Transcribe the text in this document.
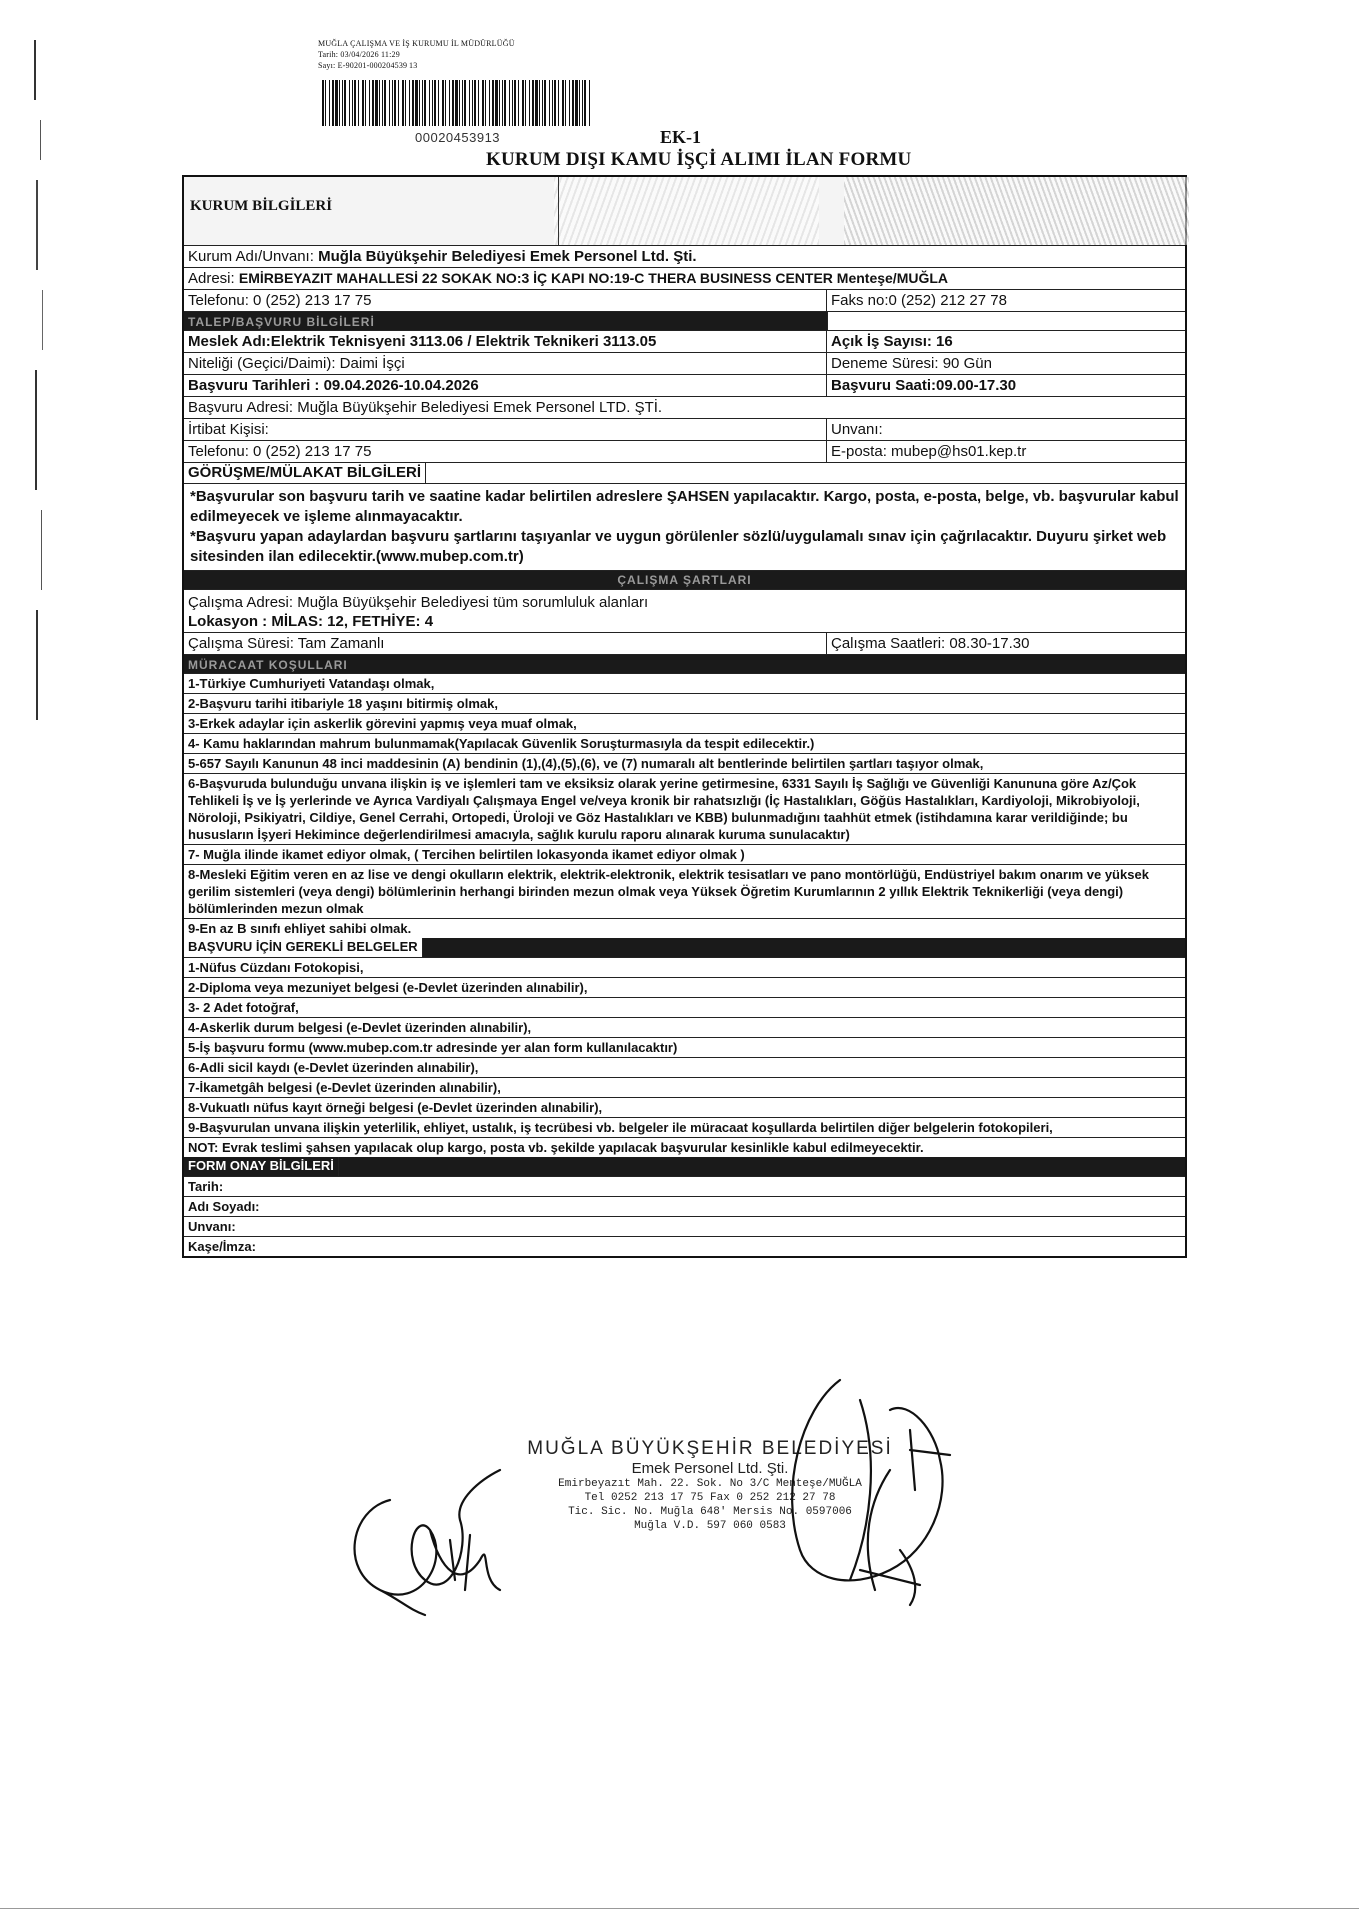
MUĞLA ÇALIŞMA VE İŞ KURUMU İL MÜDÜRLÜĞÜ
Tarih: 03/04/2026 11:29
Sayı: E-90201-000204539 13
00020453913	EK-1
KURUM DIŞI KAMU İŞÇİ ALIMI İLAN FORMU
KURUM BİLGİLERİ
Kurum Adı/Unvanı: Muğla Büyükşehir Belediyesi Emek Personel Ltd. Şti.
Adresi: EMİRBEYAZIT MAHALLESİ 22 SOKAK NO:3 İÇ KAPI NO:19-C THERA BUSINESS CENTER Menteşe/MUĞLA
Telefonu: 0 (252) 213 17 75	Faks no:0 (252) 212 27 78
TALEP/BAŞVURU BİLGİLERİ
Meslek Adı:Elektrik Teknisyeni 3113.06 / Elektrik Teknikeri 3113.05	Açık İş Sayısı: 16
Niteliği (Geçici/Daimi): Daimi İşçi	Deneme Süresi: 90 Gün
Başvuru Tarihleri : 09.04.2026-10.04.2026	Başvuru Saati:09.00-17.30
Başvuru Adresi: Muğla Büyükşehir Belediyesi Emek Personel LTD. ŞTİ.
İrtibat Kişisi:	Unvanı:
Telefonu: 0 (252) 213 17 75	E-posta: mubep@hs01.kep.tr
GÖRÜŞME/MÜLAKAT BİLGİLERİ
*Başvurular son başvuru tarih ve saatine kadar belirtilen adreslere ŞAHSEN yapılacaktır. Kargo, posta, e-posta, belge, vb. başvurular kabul edilmeyecek ve işleme alınmayacaktır.
*Başvuru yapan adaylardan başvuru şartlarını taşıyanlar ve uygun görülenler sözlü/uygulamalı sınav için çağrılacaktır. Duyuru şirket web sitesinden ilan edilecektir.(www.mubep.com.tr)
ÇALIŞMA ŞARTLARI
Çalışma Adresi: Muğla Büyükşehir Belediyesi tüm sorumluluk alanları
Lokasyon : MİLAS: 12, FETHİYE: 4
Çalışma Süresi: Tam Zamanlı	Çalışma Saatleri: 08.30-17.30
MÜRACAAT KOŞULLARI
1-Türkiye Cumhuriyeti Vatandaşı olmak,
2-Başvuru tarihi itibariyle 18 yaşını bitirmiş olmak,
3-Erkek adaylar için askerlik görevini yapmış veya muaf olmak,
4- Kamu haklarından mahrum bulunmamak(Yapılacak Güvenlik Soruşturmasıyla da tespit edilecektir.)
5-657 Sayılı Kanunun 48 inci maddesinin (A) bendinin (1),(4),(5),(6), ve (7) numaralı alt bentlerinde belirtilen şartları taşıyor olmak,
6-Başvuruda bulunduğu unvana ilişkin iş ve işlemleri tam ve eksiksiz olarak yerine getirmesine, 6331 Sayılı İş Sağlığı ve Güvenliği Kanununa göre Az/Çok Tehlikeli İş ve İş yerlerinde ve Ayrıca Vardiyalı Çalışmaya Engel ve/veya kronik bir rahatsızlığı (İç Hastalıkları, Göğüs Hastalıkları, Kardiyoloji, Mikrobiyoloji, Nöroloji, Psikiyatri, Cildiye, Genel Cerrahi, Ortopedi, Üroloji ve Göz Hastalıkları ve KBB) bulunmadığını taahhüt etmek (istihdamına karar verildiğinde; bu hususların İşyeri Hekimince değerlendirilmesi amacıyla, sağlık kurulu raporu alınarak kuruma sunulacaktır)
7- Muğla ilinde ikamet ediyor olmak, ( Tercihen belirtilen lokasyonda ikamet ediyor olmak )
8-Mesleki Eğitim veren en az lise ve dengi okulların elektrik, elektrik-elektronik, elektrik tesisatları ve pano montörlüğü, Endüstriyel bakım onarım ve yüksek gerilim sistemleri (veya dengi) bölümlerinin herhangi birinden mezun olmak veya Yüksek Öğretim Kurumlarının 2 yıllık Elektrik Teknikerliği (veya dengi) bölümlerinden mezun olmak
9-En az B sınıfı ehliyet sahibi olmak.
BAŞVURU İÇİN GEREKLİ BELGELER
1-Nüfus Cüzdanı Fotokopisi,
2-Diploma veya mezuniyet belgesi (e-Devlet üzerinden alınabilir),
3- 2 Adet fotoğraf,
4-Askerlik durum belgesi (e-Devlet üzerinden alınabilir),
5-İş başvuru formu (www.mubep.com.tr adresinde yer alan form kullanılacaktır)
6-Adli sicil kaydı (e-Devlet üzerinden alınabilir),
7-İkametgâh belgesi (e-Devlet üzerinden alınabilir),
8-Vukuatlı nüfus kayıt örneği belgesi (e-Devlet üzerinden alınabilir),
9-Başvurulan unvana ilişkin yeterlilik, ehliyet, ustalık, iş tecrübesi vb. belgeler ile müracaat koşullarda belirtilen diğer belgelerin fotokopileri,
NOT: Evrak teslimi şahsen yapılacak olup kargo, posta vb. şekilde yapılacak başvurular kesinlikle kabul edilmeyecektir.
FORM ONAY BİLGİLERİ
Tarih:
Adı Soyadı:
Unvanı:
Kaşe/İmza:
MUĞLA BÜYÜKŞEHİR BELEDİYESİ
Emek Personel Ltd. Şti.
Emirbeyazıt Mah. 22. Sok. No 3/C Menteşe/MUĞLA
Tel 0252 213 17 75 Fax 0 252 212 27 78
Tic. Sic. No. Muğla 648' Mersis No. 0597006
Muğla V.D. 597 060 0583
